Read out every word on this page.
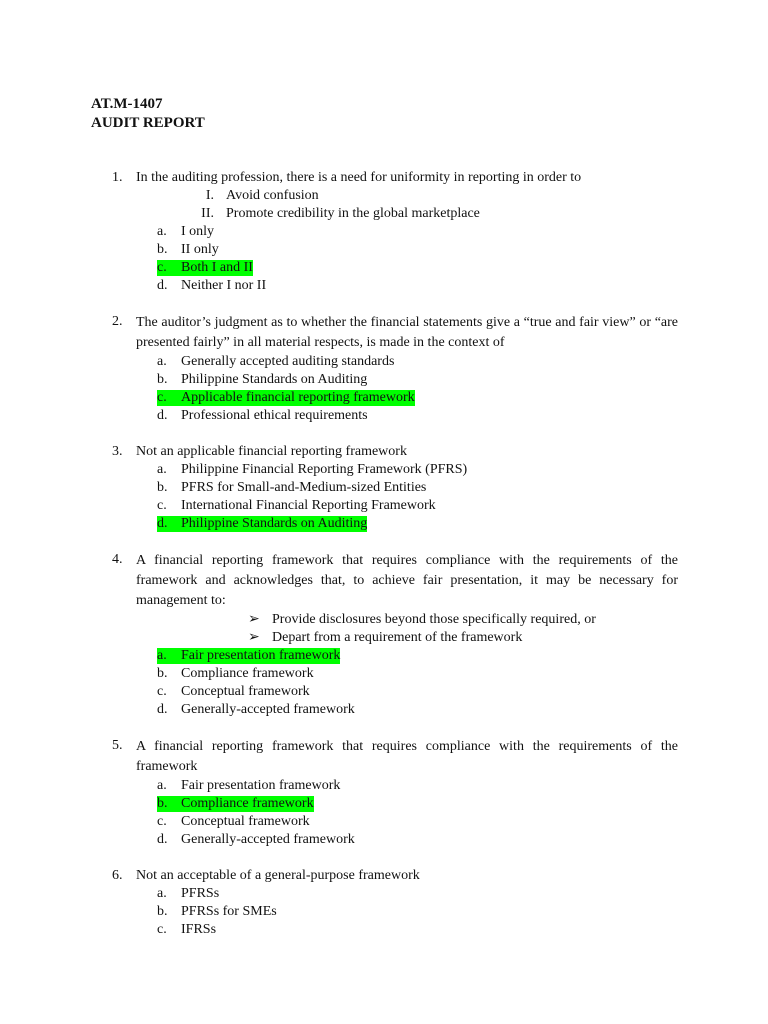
AT.M-1407
AUDIT REPORT
1. In the auditing profession, there is a need for uniformity in reporting in order to
I. Avoid confusion
II. Promote credibility in the global marketplace
a.	I only
b. II only
c.	Both I and II
d. Neither I nor II
2. The auditor’s judgment as to whether the financial statements give a “true and fair view” or “are presented fairly” in all material respects, is made in the context of
a.	Generally accepted auditing standards
b. Philippine Standards on Auditing
c.	Applicable financial reporting framework
d. Professional ethical requirements
3. Not an applicable financial reporting framework
a.	Philippine Financial Reporting Framework (PFRS)
b. PFRS for Small-and-Medium-sized Entities
c.	International Financial Reporting Framework
d. Philippine Standards on Auditing
4. A financial reporting framework that requires compliance with the requirements of the framework and acknowledges that, to achieve fair presentation, it may be necessary for management to:
➢ Provide disclosures beyond those specifically required, or
➢ Depart from a requirement of the framework
a.	Fair presentation framework
b. Compliance framework
c.	Conceptual framework
d. Generally-accepted framework
5. A financial reporting framework that requires compliance with the requirements of the framework
a.	Fair presentation framework
b. Compliance framework
c.	Conceptual framework
d. Generally-accepted framework
6. Not an acceptable of a general-purpose framework
a.	PFRSs
b. PFRSs for SMEs
c.	IFRSs
